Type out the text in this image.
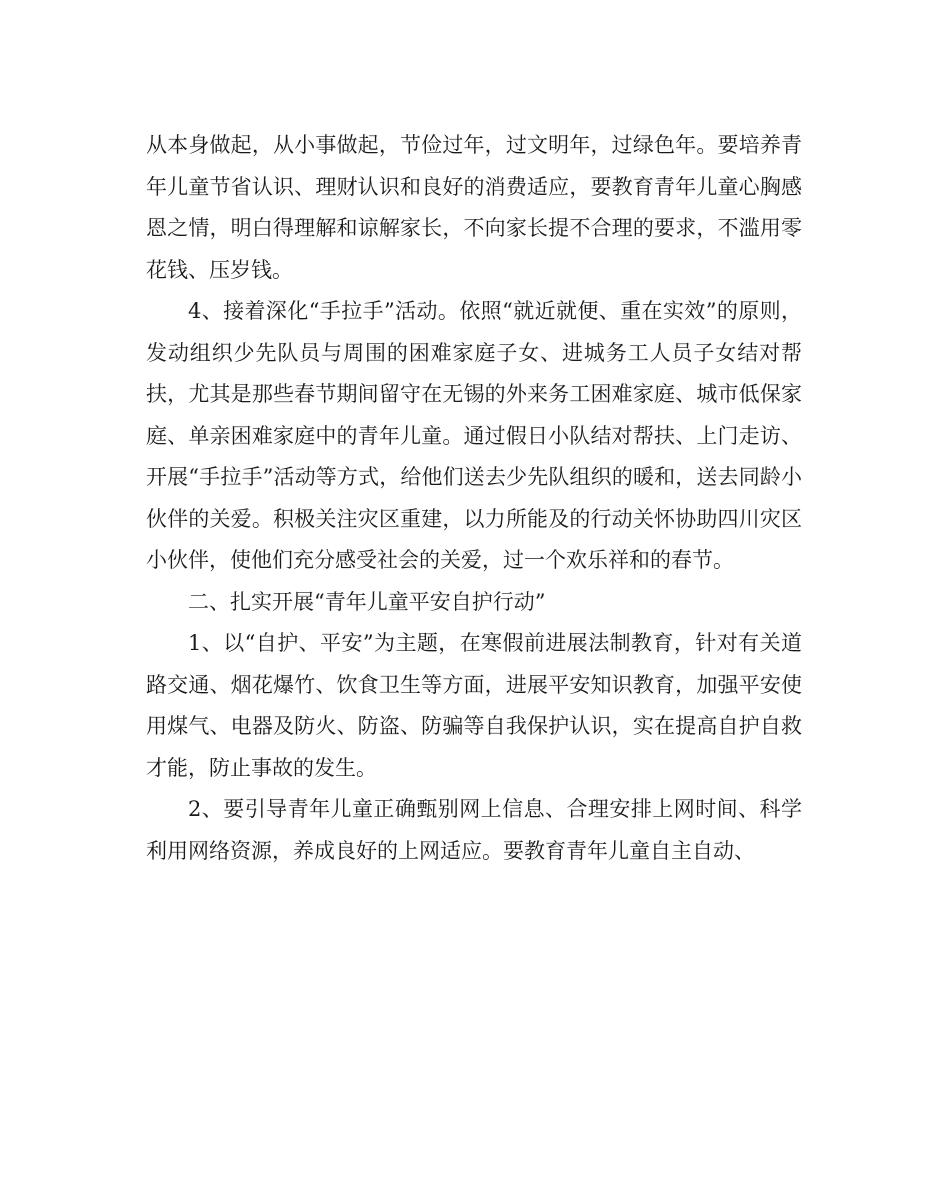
从本身做起，从小事做起，节俭过年，过文明年，过绿色年。要培养青年儿童节省认识、理财认识和良好的消费适应，要教育青年儿童心胸感恩之情，明白得理解和谅解家长，不向家长提不合理的要求，不滥用零花钱、压岁钱。

4、接着深化“手拉手”活动。依照“就近就便、重在实效”的原则，发动组织少先队员与周围的困难家庭子女、进城务工人员子女结对帮扶，尤其是那些春节期间留守在无锡的外来务工困难家庭、城市低保家庭、单亲困难家庭中的青年儿童。通过假日小队结对帮扶、上门走访、开展“手拉手”活动等方式，给他们送去少先队组织的暖和，送去同龄小伙伴的关爱。积极关注灾区重建，以力所能及的行动关怀协助四川灾区小伙伴，使他们充分感受社会的关爱，过一个欢乐祥和的春节。

二、扎实开展“青年儿童平安自护行动”

1、以“自护、平安”为主题，在寒假前进展法制教育，针对有关道路交通、烟花爆竹、饮食卫生等方面，进展平安知识教育，加强平安使用煤气、电器及防火、防盗、防骗等自我保护认识，实在提高自护自救才能，防止事故的发生。

2、要引导青年儿童正确甄别网上信息、合理安排上网时间、科学利用网络资源，养成良好的上网适应。要教育青年儿童自主自动、
